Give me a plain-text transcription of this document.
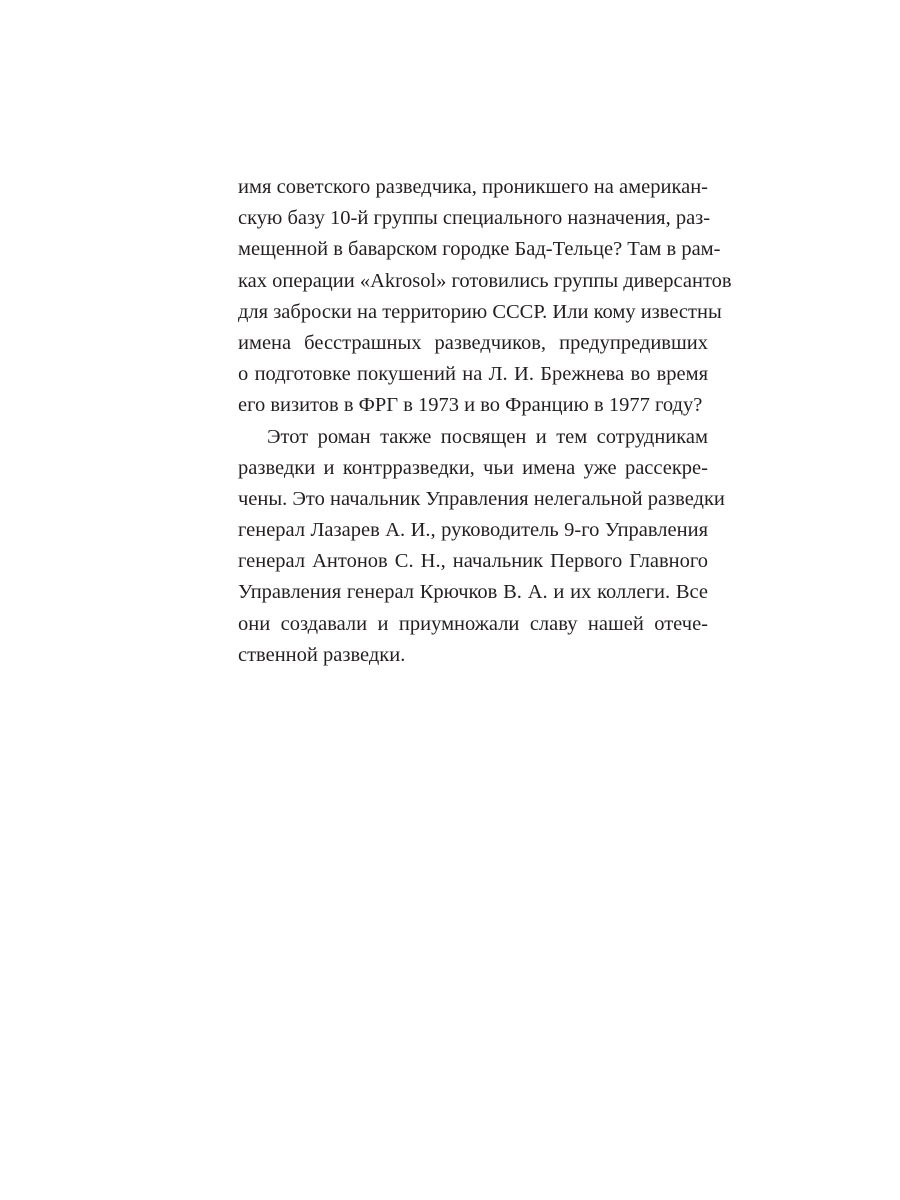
имя советского разведчика, проникшего на американ-
скую базу 10-й группы специального назначения, раз-
мещенной в баварском городке Бад-Тельце? Там в рам-
ках операции «Akrosol» готовились группы диверсантов
для заброски на территорию СССР. Или кому известны
имена бесстрашных разведчиков, предупредивших
о подготовке покушений на Л. И. Брежнева во время
его визитов в ФРГ в 1973 и во Францию в 1977 году?
Этот роман также посвящен и тем сотрудникам
разведки и контрразведки, чьи имена уже рассекре-
чены. Это начальник Управления нелегальной разведки
генерал Лазарев А. И., руководитель 9-го Управления
генерал Антонов С. Н., начальник Первого Главного
Управления генерал Крючков В. А. и их коллеги. Все
они создавали и приумножали славу нашей отече-
ственной разведки.
